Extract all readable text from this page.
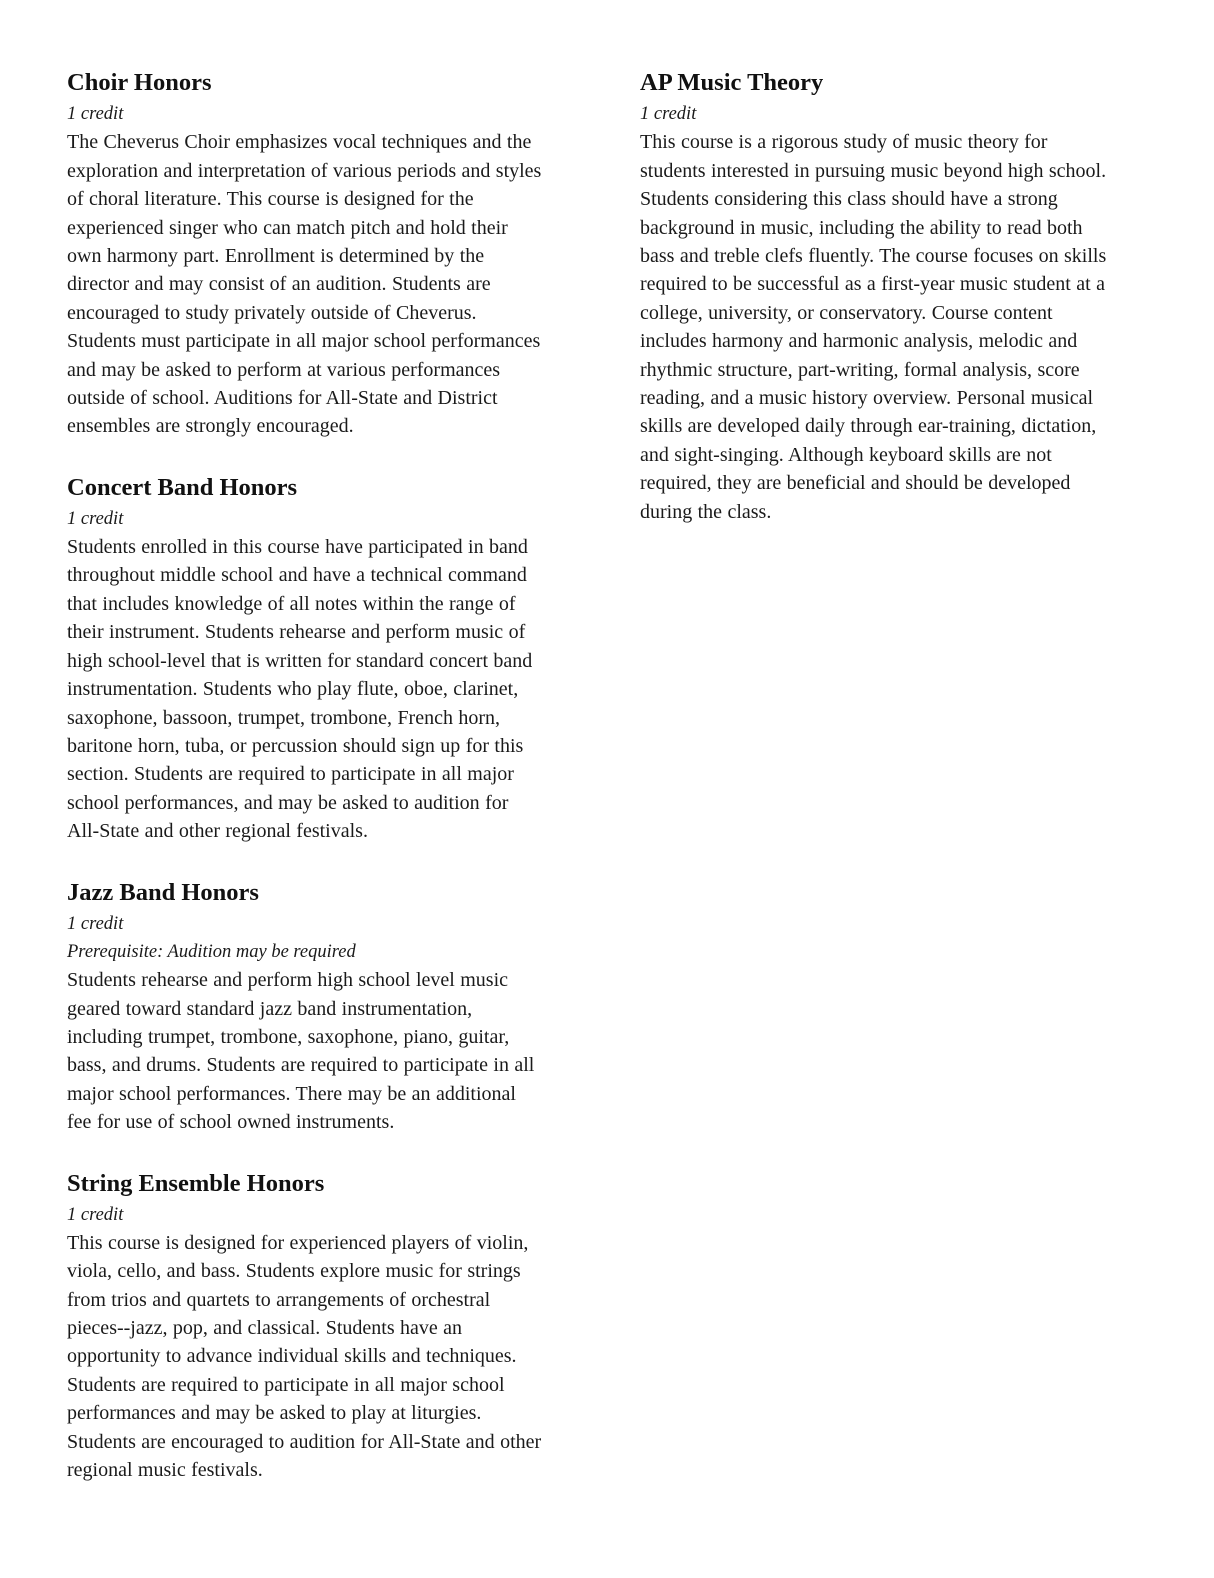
Choir Honors
1 credit
The Cheverus Choir emphasizes vocal techniques and the
exploration and interpretation of various periods and styles
of choral literature. This course is designed for the
experienced singer who can match pitch and hold their
own harmony part. Enrollment is determined by the
director and may consist of an audition. Students are
encouraged to study privately outside of Cheverus.
Students must participate in all major school performances
and may be asked to perform at various performances
outside of school. Auditions for All-State and District
ensembles are strongly encouraged.
Concert Band Honors
1 credit
Students enrolled in this course have participated in band
throughout middle school and have a technical command
that includes knowledge of all notes within the range of
their instrument. Students rehearse and perform music of
high school-level that is written for standard concert band
instrumentation. Students who play flute, oboe, clarinet,
saxophone, bassoon, trumpet, trombone, French horn,
baritone horn, tuba, or percussion should sign up for this
section. Students are required to participate in all major
school performances, and may be asked to audition for
All-State and other regional festivals.
Jazz Band Honors
1 credit
Prerequisite: Audition may be required
Students rehearse and perform high school level music
geared toward standard jazz band instrumentation,
including trumpet, trombone, saxophone, piano, guitar,
bass, and drums. Students are required to participate in all
major school performances. There may be an additional
fee for use of school owned instruments.
String Ensemble Honors
1 credit
This course is designed for experienced players of violin,
viola, cello, and bass. Students explore music for strings
from trios and quartets to arrangements of orchestral
pieces--jazz, pop, and classical. Students have an
opportunity to advance individual skills and techniques.
Students are required to participate in all major school
performances and may be asked to play at liturgies.
Students are encouraged to audition for All-State and other
regional music festivals.
AP Music Theory
1 credit
This course is a rigorous study of music theory for
students interested in pursuing music beyond high school.
Students considering this class should have a strong
background in music, including the ability to read both
bass and treble clefs fluently. The course focuses on skills
required to be successful as a first-year music student at a
college, university, or conservatory. Course content
includes harmony and harmonic analysis, melodic and
rhythmic structure, part-writing, formal analysis, score
reading, and a music history overview. Personal musical
skills are developed daily through ear-training, dictation,
and sight-singing. Although keyboard skills are not
required, they are beneficial and should be developed
during the class.
